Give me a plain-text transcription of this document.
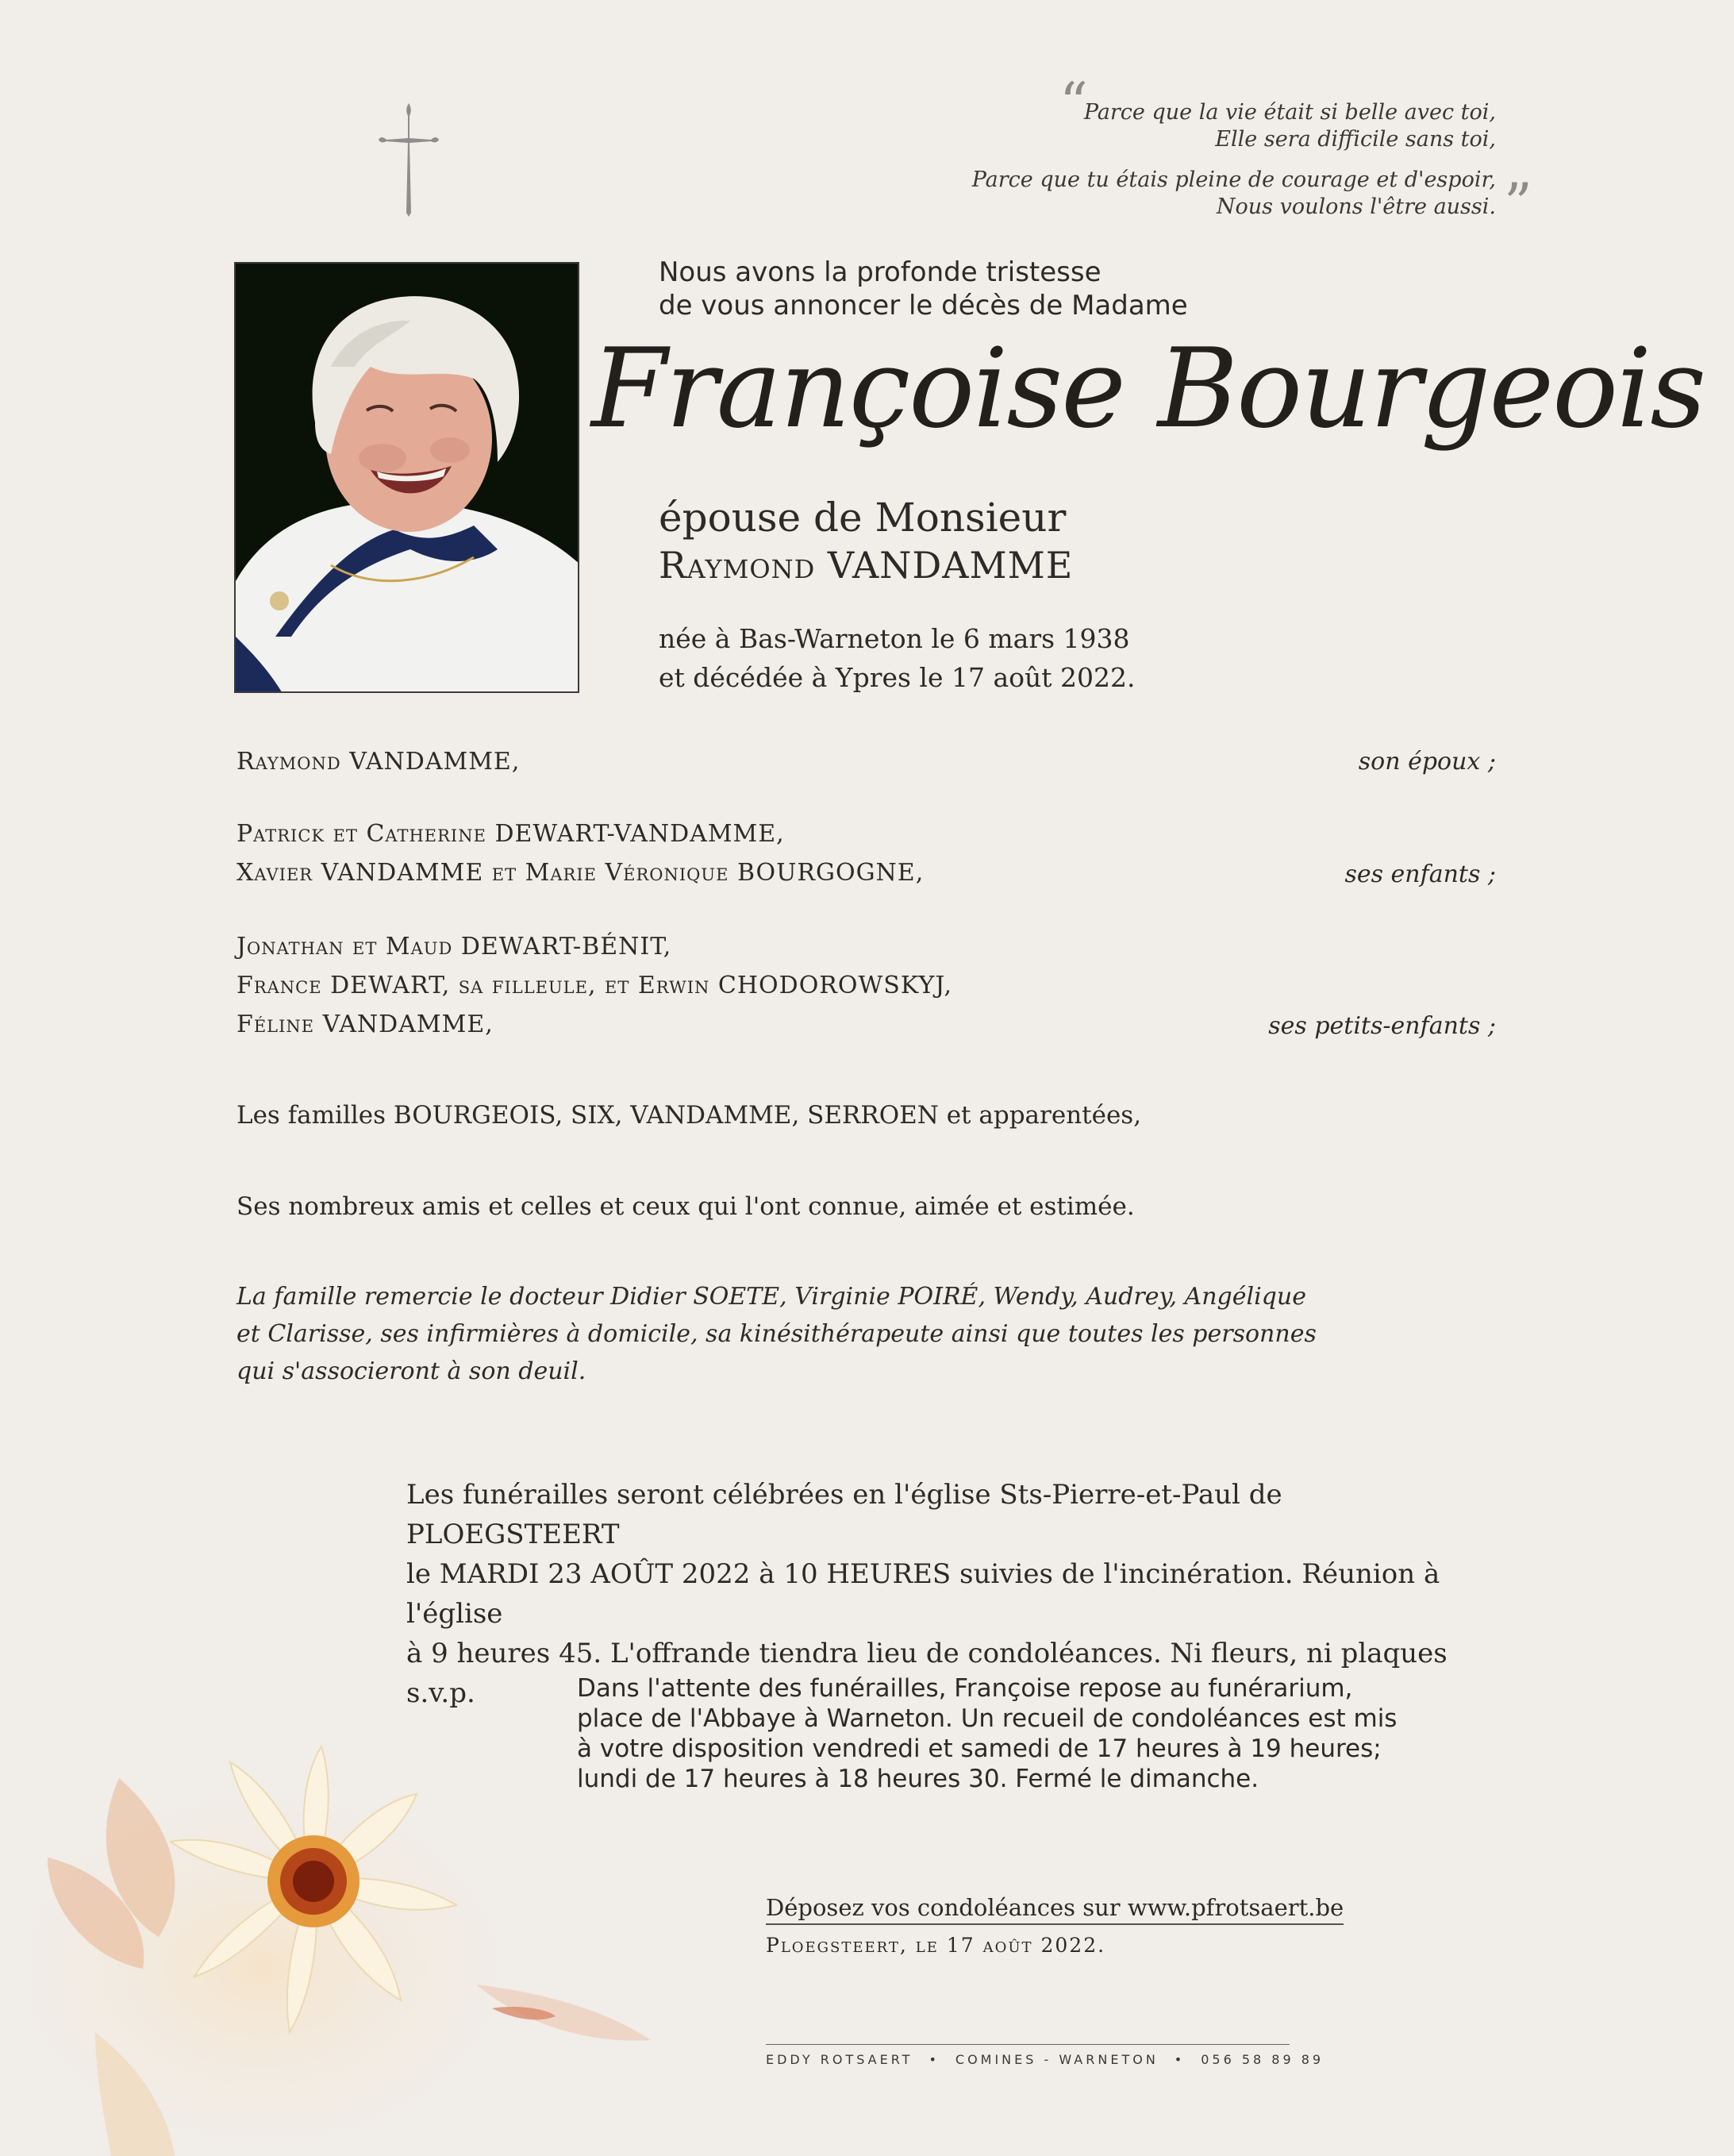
“
Parce que la vie était si belle avec toi,
Elle sera difficile sans toi,
Parce que tu étais pleine de courage et d'espoir,
Nous voulons l'être aussi. ”
Nous avons la profonde tristesse
de vous annoncer le décès de Madame
Françoise Bourgeois
épouse de Monsieur
Raymond VANDAMME
née à Bas-Warneton le 6 mars 1938
et décédée à Ypres le 17 août 2022.
Raymond VANDAMME,	son époux ;
Patrick et Catherine DEWART-VANDAMME,
Xavier VANDAMME et Marie Véronique BOURGOGNE,	ses enfants ;
Jonathan et Maud DEWART-BÉNIT,
France DEWART, sa filleule, et Erwin CHODOROWSKYJ,
Féline VANDAMME,	ses petits-enfants ;
Les familles BOURGEOIS, SIX, VANDAMME, SERROEN et apparentées,
Ses nombreux amis et celles et ceux qui l'ont connue, aimée et estimée.
La famille remercie le docteur Didier SOETE, Virginie POIRÉ, Wendy, Audrey, Angélique
et Clarisse, ses infirmières à domicile, sa kinésithérapeute ainsi que toutes les personnes
qui s'associeront à son deuil.
Les funérailles seront célébrées en l'église Sts-Pierre-et-Paul de PLOEGSTEERT
le MARDI 23 AOÛT 2022 à 10 HEURES suivies de l'incinération. Réunion à l'église
à 9 heures 45. L'offrande tiendra lieu de condoléances. Ni fleurs, ni plaques s.v.p.	Dans l'attente des funérailles, Françoise repose au funérarium,
place de l'Abbaye à Warneton. Un recueil de condoléances est mis
à votre disposition vendredi et samedi de 17 heures à 19 heures;
lundi de 17 heures à 18 heures 30. Fermé le dimanche.
Déposez vos condoléances sur www.pfrotsaert.be
Ploegsteert, le 17 août 2022.
EDDY ROTSAERT • COMINES - WARNETON • 056 58 89 89
